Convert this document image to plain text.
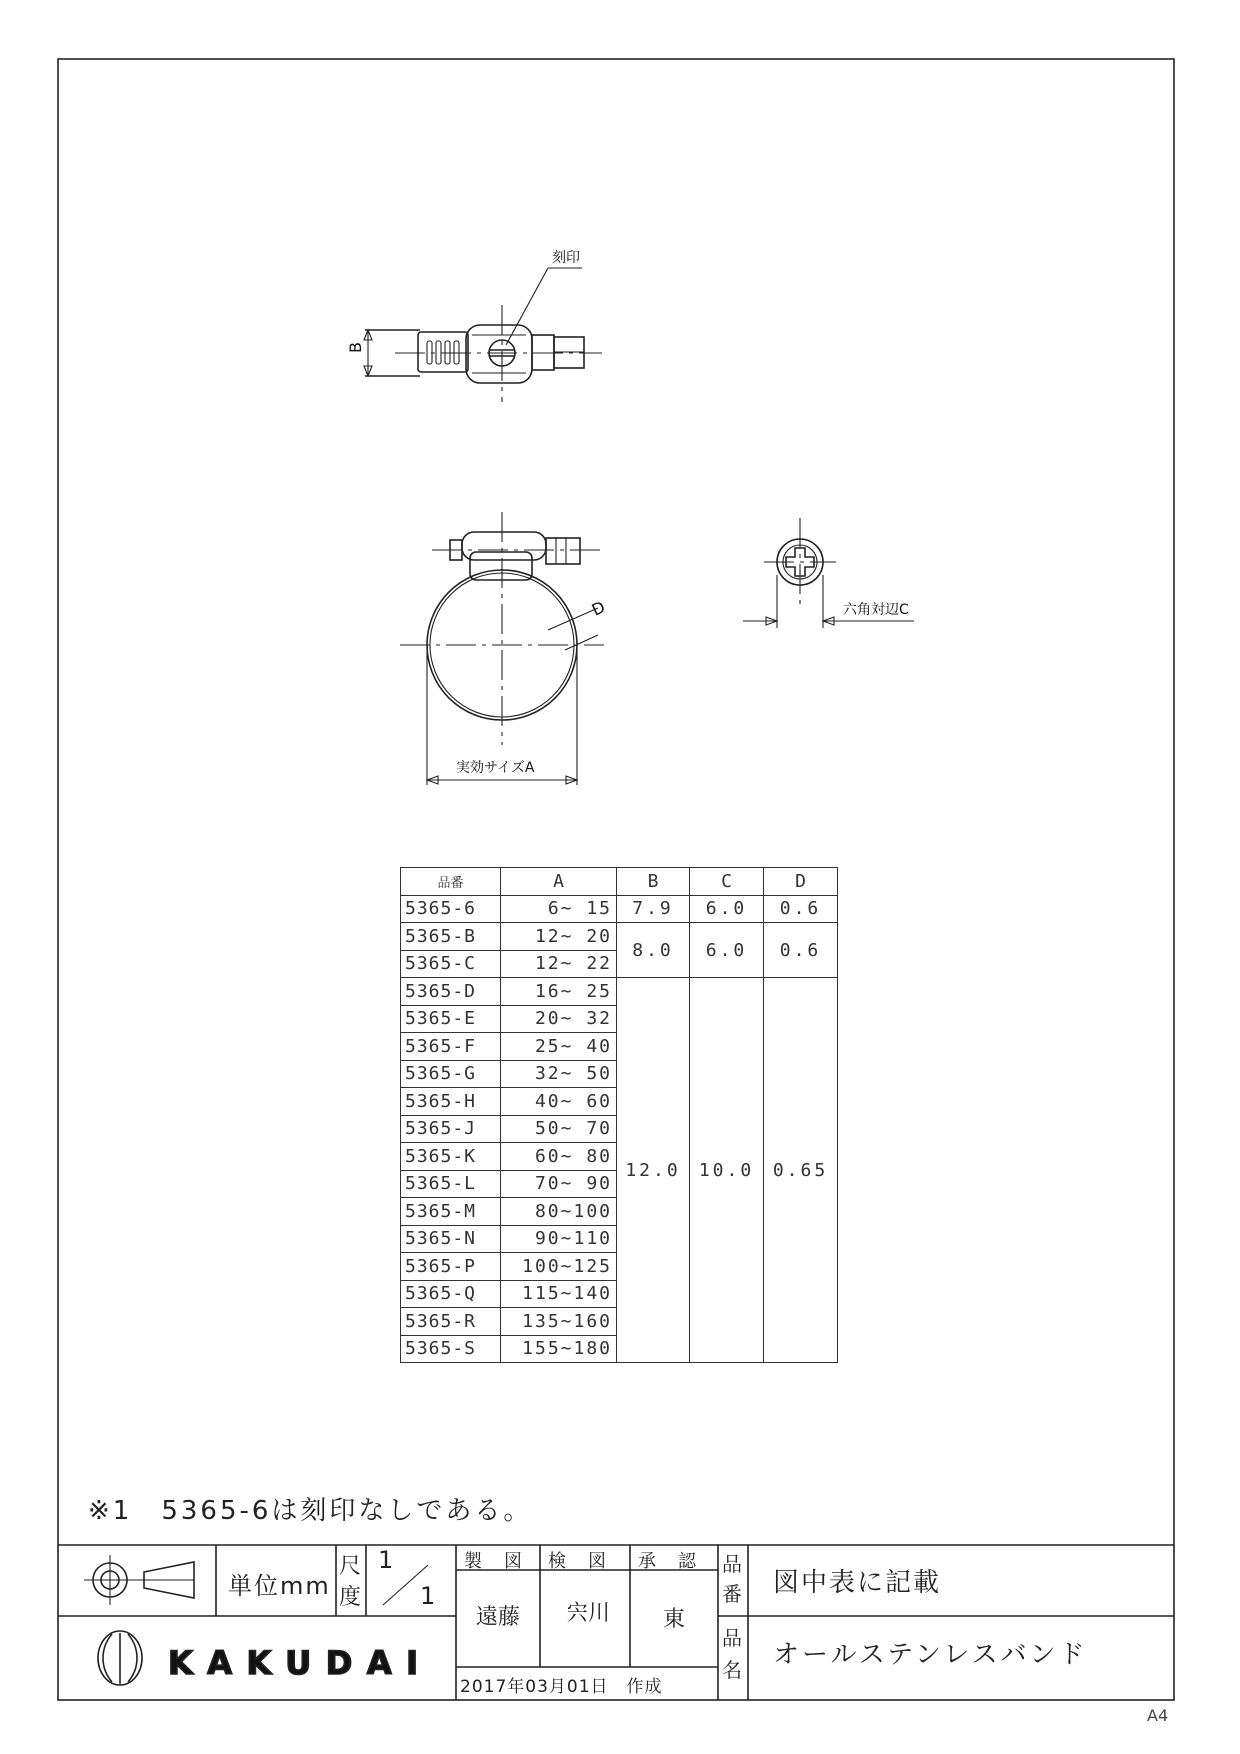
B
刻印
D
実効サイズA
六角対辺C
KAKUDAI
品番	A	B	C	D
5365-6	6~ 15	7.9	6.0	0.6
5365-B	12~ 20	8.0	6.0	0.6
5365-C	12~ 22			
5365-D	16~ 25	12.0	10.0	0.65
5365-E	20~ 32			
5365-F	25~ 40			
5365-G	32~ 50			
5365-H	40~ 60			
5365-J	50~ 70			
5365-K	60~ 80			
5365-L	70~ 90			
5365-M	80~100			
5365-N	90~110			
5365-P	100~125			
5365-Q	115~140			
5365-R	135~160			
5365-S	155~180			
※1　5365-6は刻印なしである。
単位mm
尺
度
1
1
製　図 検　図 承　認
遠藤 宍川 東
2017年03月01日　作成
品
番 図中表に記載
品
名 オールステンレスバンド
A4
